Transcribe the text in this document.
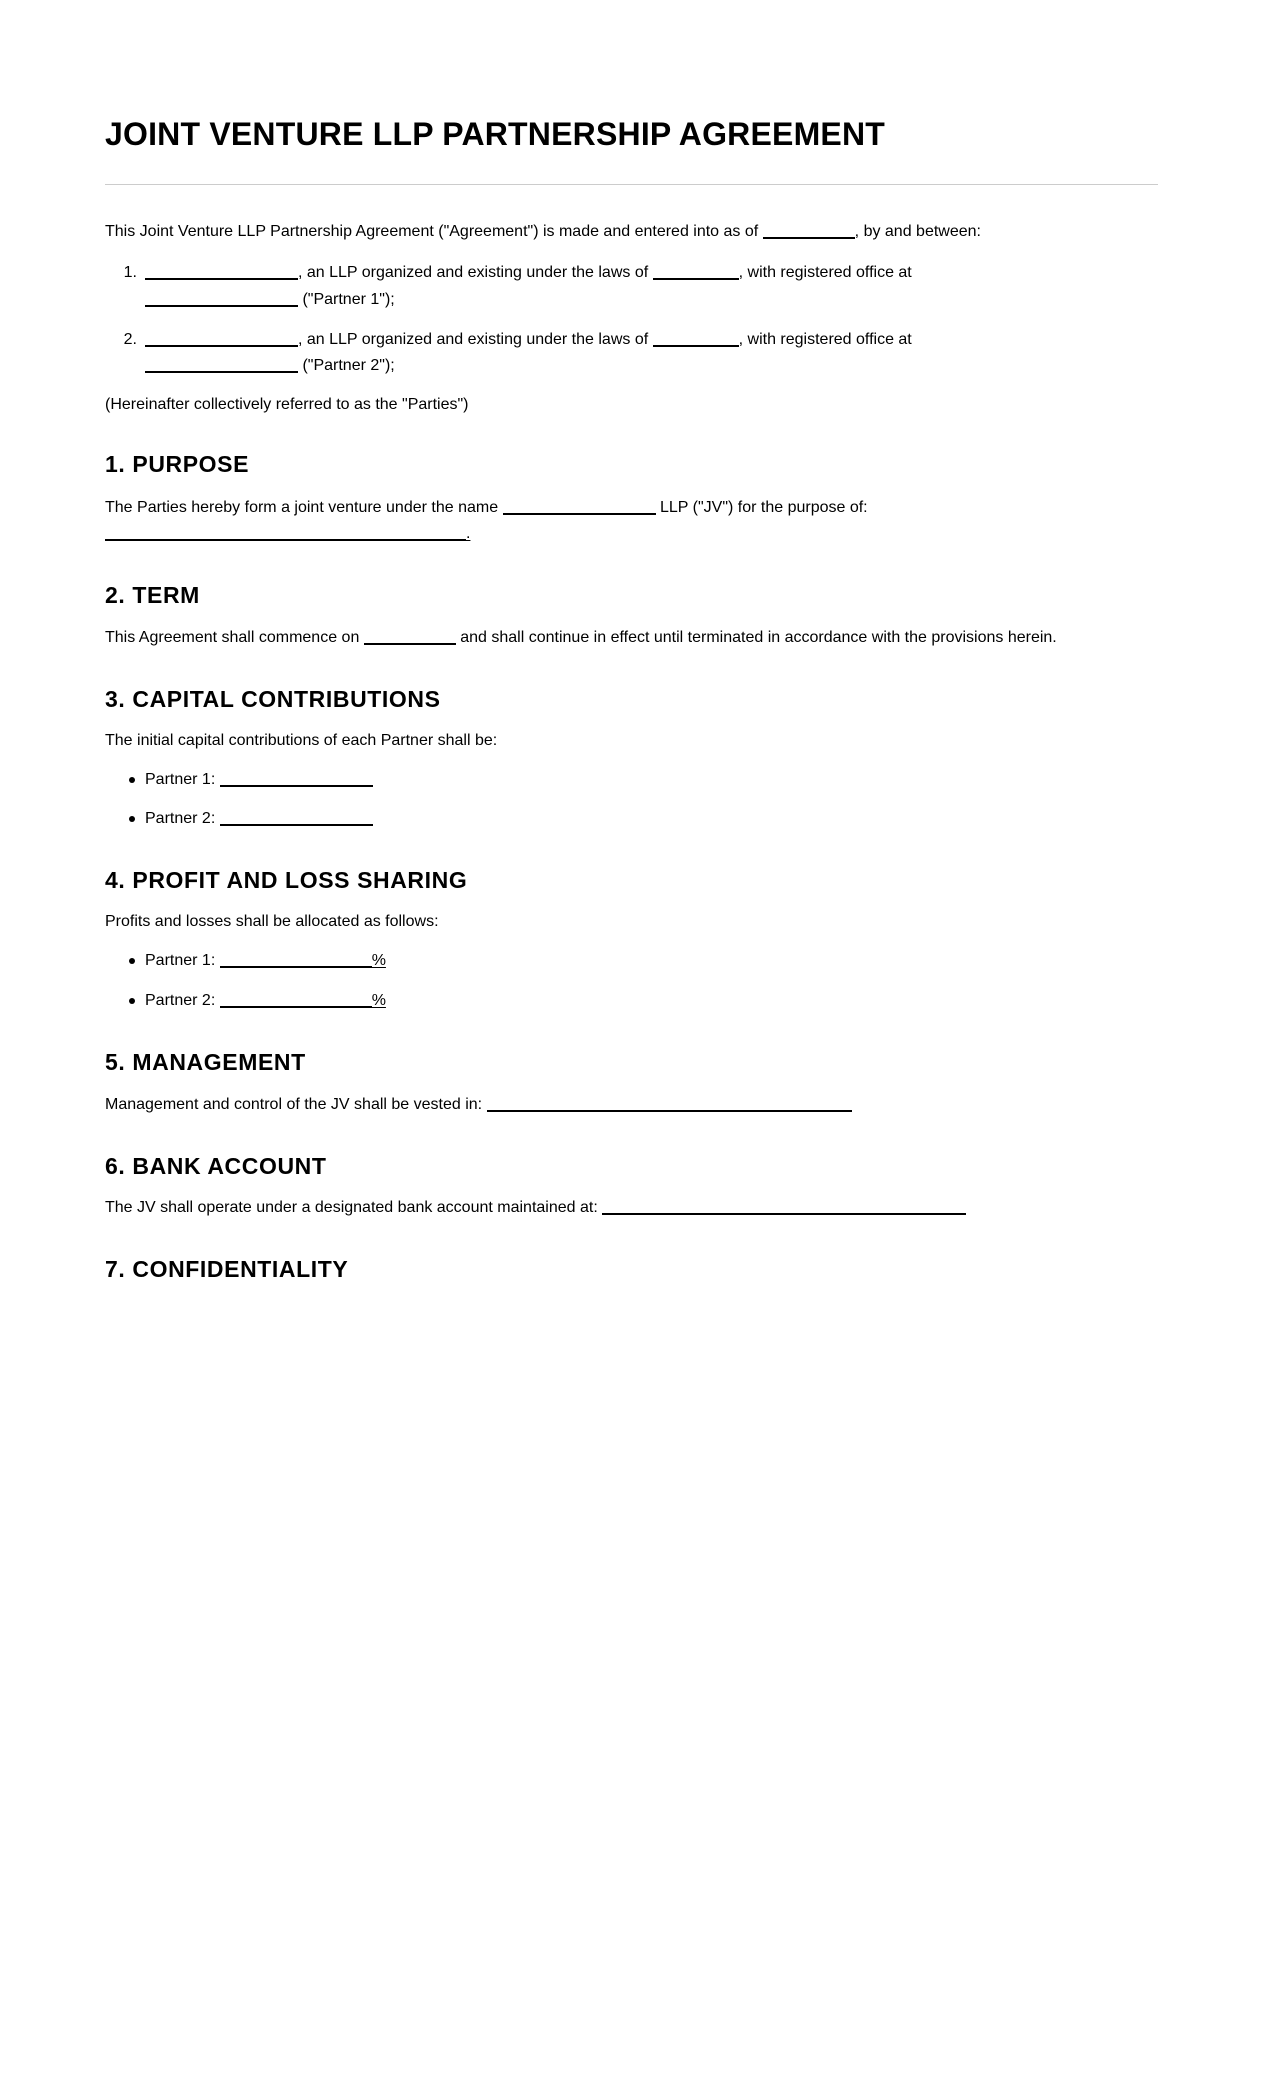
JOINT VENTURE LLP PARTNERSHIP AGREEMENT
This Joint Venture LLP Partnership Agreement ("Agreement") is made and entered into as of	, by and between:
1.	, an LLP organized and existing under the laws of	, with registered office at
("Partner 1");
2.	, an LLP organized and existing under the laws of	, with registered office at
("Partner 2");
(Hereinafter collectively referred to as the "Parties")
1. PURPOSE
The Parties hereby form a joint venture under the name	LLP ("JV") for the purpose of:
.
2. TERM
This Agreement shall commence on	and shall continue in effect until terminated in accordance with the provisions herein.
3. CAPITAL CONTRIBUTIONS
The initial capital contributions of each Partner shall be:
Partner 1:
Partner 2:
4. PROFIT AND LOSS SHARING
Profits and losses shall be allocated as follows:
Partner 1:	%
Partner 2:	%
5. MANAGEMENT
Management and control of the JV shall be vested in:
6. BANK ACCOUNT
The JV shall operate under a designated bank account maintained at:
7. CONFIDENTIALITY
